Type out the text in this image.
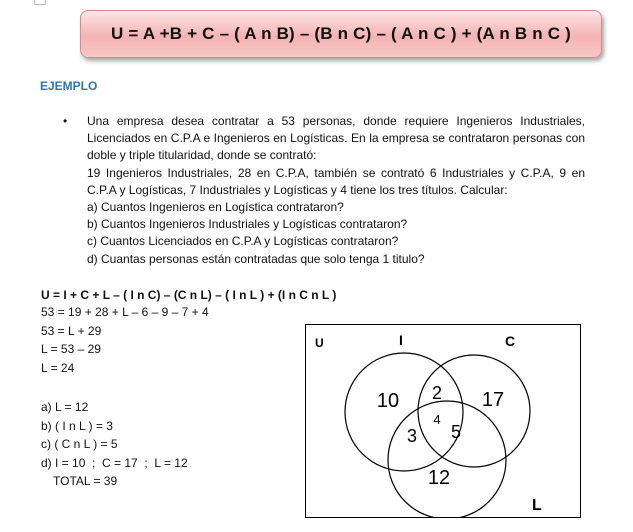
U = A +B + C – ( A n B) – (B n C) – ( A n C ) + (A n B n C )
EJEMPLO
• Una empresa desea contratar a 53 personas, donde requiere Ingenieros Industriales, Licenciados en C.P.A e Ingenieros en Logísticas. En la empresa se contrataron personas con doble y triple titularidad, donde se contrató:

19 Ingenieros Industriales, 28 en C.P.A, también se contrató 6 Industriales y C.P.A, 9 en C.P.A y Logísticas, 7 Industriales y Logísticas y 4 tiene los tres títulos. Calcular:

a) Cuantos Ingenieros en Logística contrataron?

b) Cuantos Ingenieros Industriales y Logísticas contrataron?

c) Cuantos Licenciados en C.P.A y Logísticas contrataron?

d) Cuantas personas están contratadas que solo tenga 1 titulo?

U = I + C + L – ( I n C) – (C n L) – ( I n L ) + (I n C n L )
53 = 19 + 28 + L – 6 – 9 – 7 + 4
53 = L + 29
L = 53 – 29
L = 24
a) L = 12
b) ( I n L ) = 3
c) ( C n L ) = 5
d) I = 10  ;  C = 17  ;  L = 12
TOTAL = 39
U	I	C
L
10	17
12
2
4
3 5
